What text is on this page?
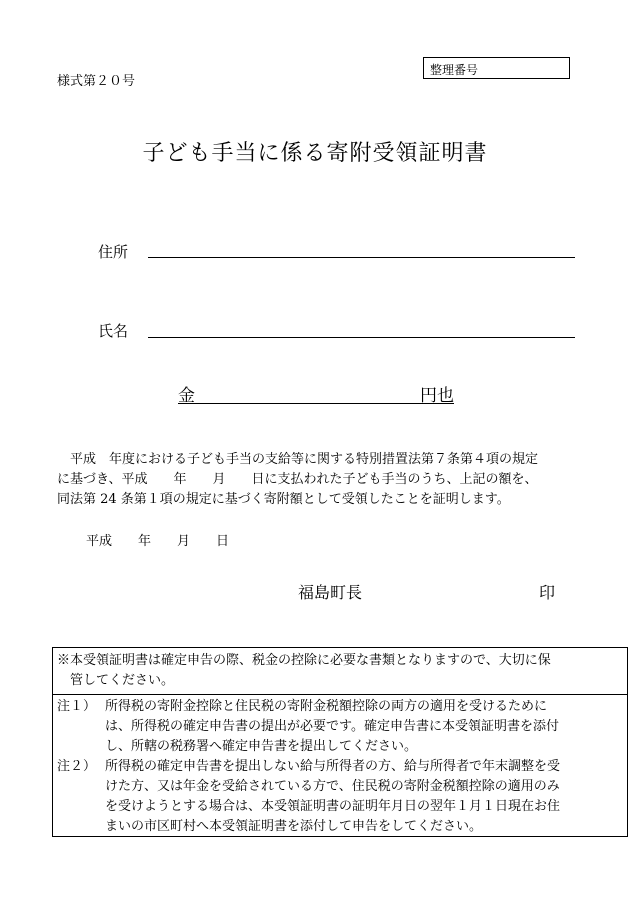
様式第２０号
整理番号
子ども手当に係る寄附受領証明書
住所
氏名
金	円也

　平成　年度における子ども手当の支給等に関する特別措置法第７条第４項の規定

に基づき、平成　　年　　月　　日に支払われた子ども手当のうち、上記の額を、

同法第 24 条第１項の規定に基づく寄附額として受領したことを証明します。

平成　　年　　月　　日
福島町長	印

※本受領証明書は確定申告の際、税金の控除に必要な書類となりますので、大切に保

　管してください。

注１） 所得税の寄附金控除と住民税の寄附金税額控除の両方の適用を受けるために

は、所得税の確定申告書の提出が必要です。確定申告書に本受領証明書を添付

し、所轄の税務署へ確定申告書を提出してください。

注２） 所得税の確定申告書を提出しない給与所得者の方、給与所得者で年末調整を受

けた方、又は年金を受給されている方で、住民税の寄附金税額控除の適用のみ

を受けようとする場合は、本受領証明書の証明年月日の翌年１月１日現在お住

まいの市区町村へ本受領証明書を添付して申告をしてください。
